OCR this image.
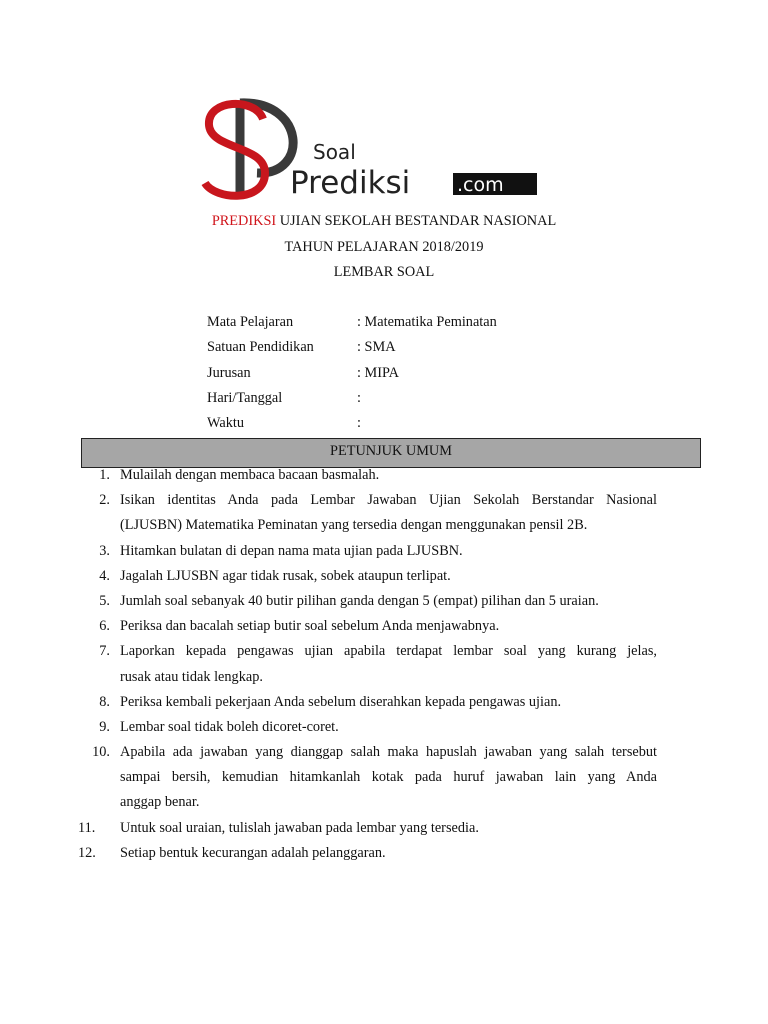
Soal
Prediksi .com
PREDIKSI UJIAN SEKOLAH BESTANDAR NASIONAL
TAHUN PELAJARAN 2018/2019
LEMBAR SOAL
Mata Pelajaran	: Matematika Peminatan
Satuan Pendidikan	: SMA
Jurusan	: MIPA
Hari/Tanggal	:
Waktu	:
PETUNJUK UMUM
1. Mulailah dengan membaca bacaan basmalah.
2. Isikan identitas Anda pada Lembar Jawaban Ujian Sekolah Berstandar Nasional
(LJUSBN) Matematika Peminatan yang tersedia dengan menggunakan pensil 2B.
3. Hitamkan bulatan di depan nama mata ujian pada LJUSBN.
4. Jagalah LJUSBN agar tidak rusak, sobek ataupun terlipat.
5. Jumlah soal sebanyak 40 butir pilihan ganda dengan 5 (empat) pilihan dan 5 uraian.
6. Periksa dan bacalah setiap butir soal sebelum Anda menjawabnya.
7. Laporkan kepada pengawas ujian apabila terdapat lembar soal yang kurang jelas,
rusak atau tidak lengkap.
8. Periksa kembali pekerjaan Anda sebelum diserahkan kepada pengawas ujian.
9. Lembar soal tidak boleh dicoret-coret.
10. Apabila ada jawaban yang dianggap salah maka hapuslah jawaban yang salah tersebut
sampai bersih, kemudian hitamkanlah kotak pada huruf jawaban lain yang Anda
anggap benar.
11. Untuk soal uraian, tulislah jawaban pada lembar yang tersedia.
12. Setiap bentuk kecurangan adalah pelanggaran.
